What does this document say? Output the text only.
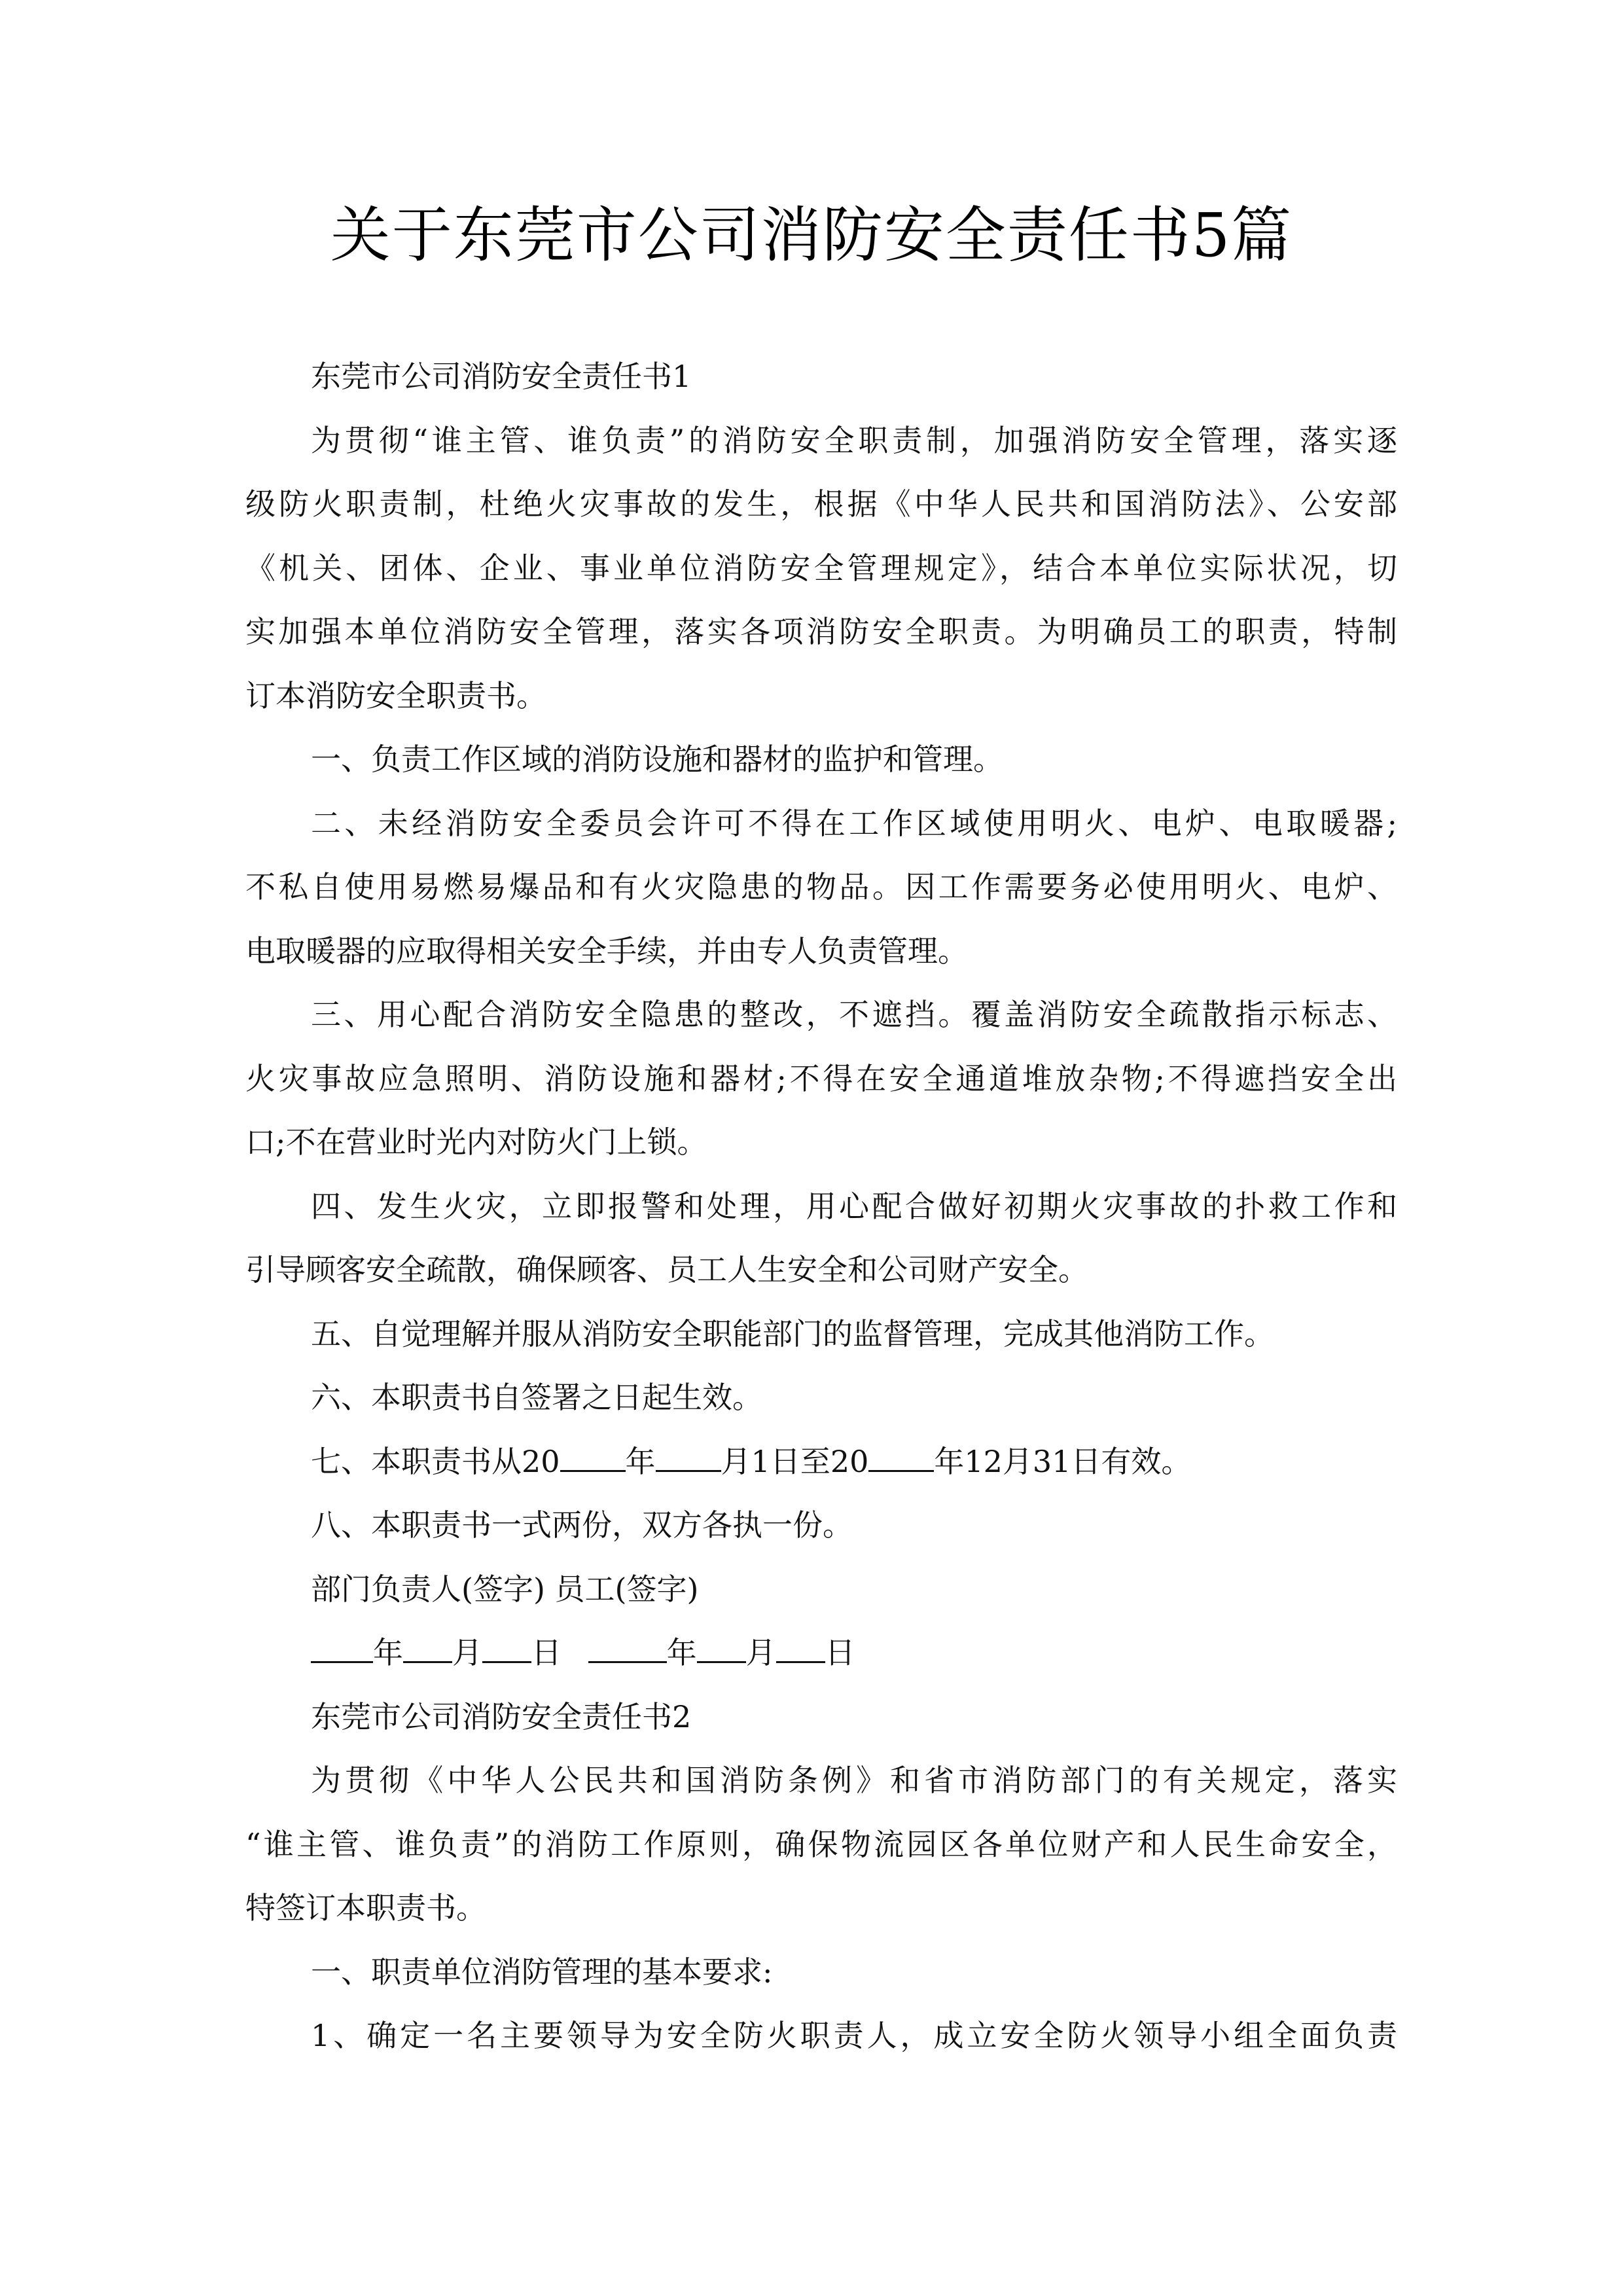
关于东莞市公司消防安全责任书5篇
东莞市公司消防安全责任书1
为贯彻“谁主管、谁负责”的消防安全职责制，加强消防安全管理，落实逐
级防火职责制，杜绝火灾事故的发生，根据《中华人民共和国消防法》、公安部
《机关、团体、企业、事业单位消防安全管理规定》，结合本单位实际状况，切
实加强本单位消防安全管理，落实各项消防安全职责。为明确员工的职责，特制
订本消防安全职责书。
一、负责工作区域的消防设施和器材的监护和管理。
二、未经消防安全委员会许可不得在工作区域使用明火、电炉、电取暖器;
不私自使用易燃易爆品和有火灾隐患的物品。因工作需要务必使用明火、电炉、
电取暖器的应取得相关安全手续，并由专人负责管理。
三、用心配合消防安全隐患的整改，不遮挡。覆盖消防安全疏散指示标志、
火灾事故应急照明、消防设施和器材;不得在安全通道堆放杂物;不得遮挡安全出
口;不在营业时光内对防火门上锁。
四、发生火灾，立即报警和处理，用心配合做好初期火灾事故的扑救工作和
引导顾客安全疏散，确保顾客、员工人生安全和公司财产安全。
五、自觉理解并服从消防安全职能部门的监督管理，完成其他消防工作。
六、本职责书自签署之日起生效。
七、本职责书从20 年 月1日至20 年12月31日有效。
八、本职责书一式两份，双方各执一份。
部门负责人(签字) 员工(签字)
年 月 日	年 月 日
东莞市公司消防安全责任书2
为贯彻《中华人公民共和国消防条例》和省市消防部门的有关规定，落实
“谁主管、谁负责”的消防工作原则，确保物流园区各单位财产和人民生命安全，
特签订本职责书。
一、职责单位消防管理的基本要求:
1、确定一名主要领导为安全防火职责人，成立安全防火领导小组全面负责
